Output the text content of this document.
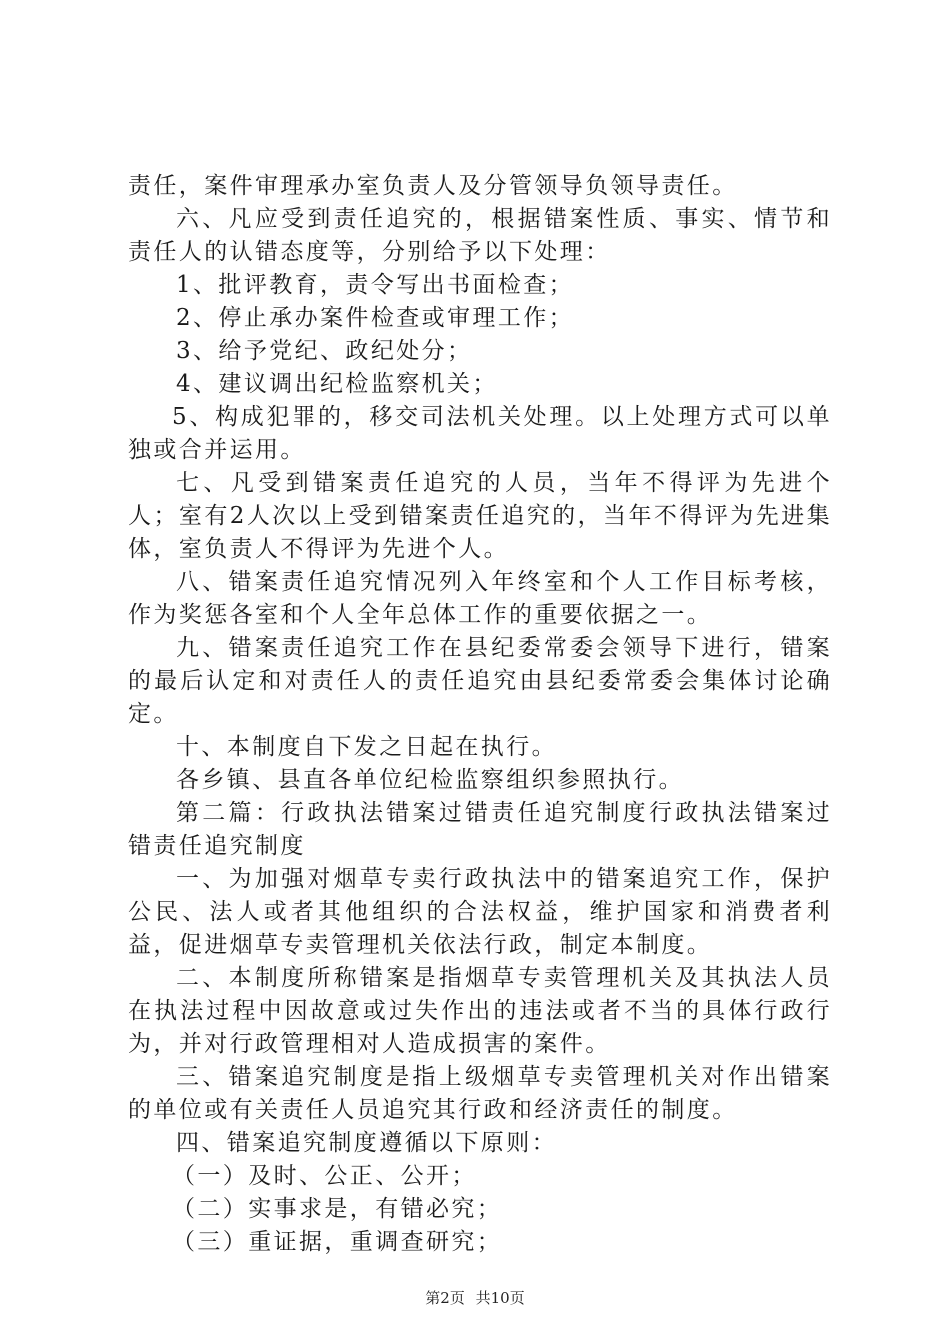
责任，案件审理承办室负责人及分管领导负领导责任。

六、凡应受到责任追究的，根据错案性质、事实、情节和责任人的认错态度等，分别给予以下处理：

1、批评教育，责令写出书面检查；

2、停止承办案件检查或审理工作；

3、给予党纪、政纪处分；

4、建议调出纪检监察机关；

5、构成犯罪的，移交司法机关处理。以上处理方式可以单独或合并运用。

七、凡受到错案责任追究的人员，当年不得评为先进个人；室有2人次以上受到错案责任追究的，当年不得评为先进集体，室负责人不得评为先进个人。

八、错案责任追究情况列入年终室和个人工作目标考核，作为奖惩各室和个人全年总体工作的重要依据之一。

九、错案责任追究工作在县纪委常委会领导下进行，错案的最后认定和对责任人的责任追究由县纪委常委会集体讨论确定。

十、本制度自下发之日起在执行。

各乡镇、县直各单位纪检监察组织参照执行。

第二篇：行政执法错案过错责任追究制度行政执法错案过错责任追究制度

一、为加强对烟草专卖行政执法中的错案追究工作，保护公民、法人或者其他组织的合法权益，维护国家和消费者利益，促进烟草专卖管理机关依法行政，制定本制度。

二、本制度所称错案是指烟草专卖管理机关及其执法人员在执法过程中因故意或过失作出的违法或者不当的具体行政行为，并对行政管理相对人造成损害的案件。

三、错案追究制度是指上级烟草专卖管理机关对作出错案的单位或有关责任人员追究其行政和经济责任的制度。

四、错案追究制度遵循以下原则：

（一）及时、公正、公开；

（二）实事求是，有错必究；

（三）重证据，重调查研究；

第2页 共10页
